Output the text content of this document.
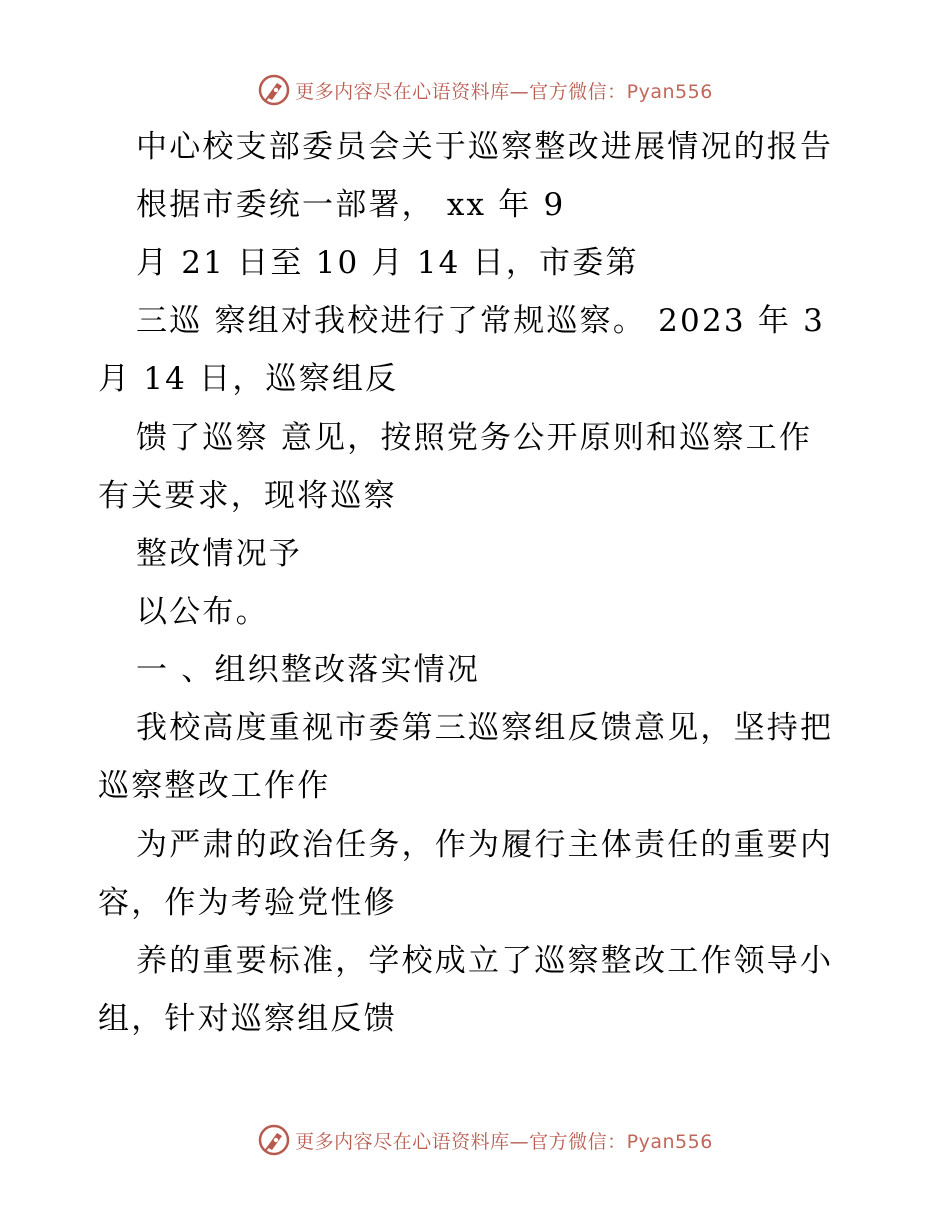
更多内容尽在心语资料库—官方微信：Pyan556
中心校支部委员会关于巡察整改进展情况的报告
根据市委统一部署， xx 年 9
月 21 日至 10 月 14 日，市委第
三巡 察组对我校进行了常规巡察。 2023 年 3
月 14 日，巡察组反
馈了巡察 意见，按照党务公开原则和巡察工作
有关要求，现将巡察
整改情况予
以公布。
一 、组织整改落实情况
我校高度重视市委第三巡察组反馈意见，坚持把
巡察整改工作作
为严肃的政治任务，作为履行主体责任的重要内
容，作为考验党性修
养的重要标准，学校成立了巡察整改工作领导小
组，针对巡察组反馈
更多内容尽在心语资料库—官方微信：Pyan556
